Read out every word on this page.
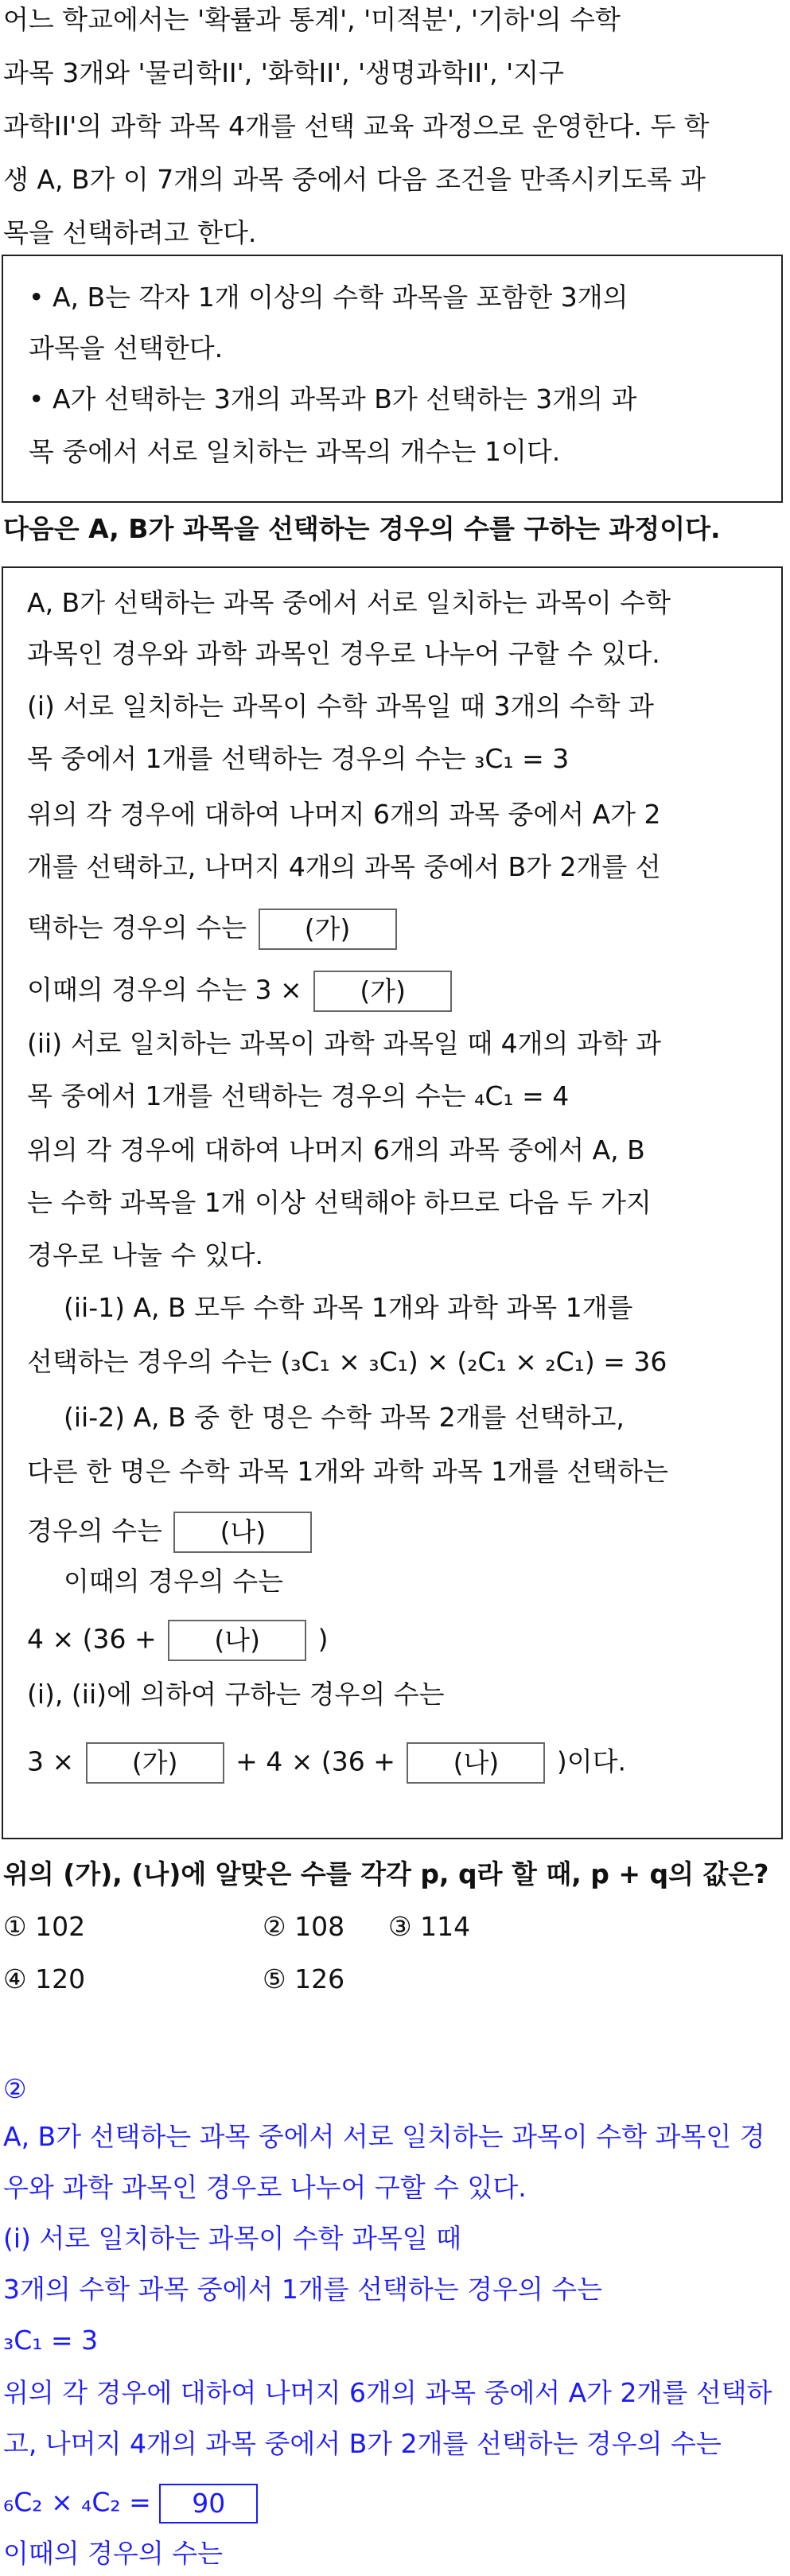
어느 학교에서는 '확률과 통계', '미적분', '기하'의 수학
과목 3개와 '물리학II', '화학II', '생명과학II', '지구
과학II'의 과학 과목 4개를 선택 교육 과정으로 운영한다. 두 학
생 A, B가 이 7개의 과목 중에서 다음 조건을 만족시키도록 과
목을 선택하려고 한다.
• A, B는 각자 1개 이상의 수학 과목을 포함한 3개의
과목을 선택한다.
• A가 선택하는 3개의 과목과 B가 선택하는 3개의 과
목 중에서 서로 일치하는 과목의 개수는 1이다.
다음은 A, B가 과목을 선택하는 경우의 수를 구하는 과정이다.
A, B가 선택하는 과목 중에서 서로 일치하는 과목이 수학
과목인 경우와 과학 과목인 경우로 나누어 구할 수 있다.
(i) 서로 일치하는 과목이 수학 과목일 때 3개의 수학 과
목 중에서 1개를 선택하는 경우의 수는 ₃C₁ = 3
위의 각 경우에 대하여 나머지 6개의 과목 중에서 A가 2
개를 선택하고, 나머지 4개의 과목 중에서 B가 2개를 선
택하는 경우의 수는 (가)
이때의 경우의 수는 3 × (가)
(ii) 서로 일치하는 과목이 과학 과목일 때 4개의 과학 과
목 중에서 1개를 선택하는 경우의 수는 ₄C₁ = 4
위의 각 경우에 대하여 나머지 6개의 과목 중에서 A, B
는 수학 과목을 1개 이상 선택해야 하므로 다음 두 가지
경우로 나눌 수 있다.
(ii-1) A, B 모두 수학 과목 1개와 과학 과목 1개를
선택하는 경우의 수는 (₃C₁ × ₃C₁) × (₂C₁ × ₂C₁) = 36
(ii-2) A, B 중 한 명은 수학 과목 2개를 선택하고,
다른 한 명은 수학 과목 1개와 과학 과목 1개를 선택하는
경우의 수는 (나)
이때의 경우의 수는
4 × (36 + (나) )
(i), (ii)에 의하여 구하는 경우의 수는
3 × (가) + 4 × (36 + (나) )이다.
위의 (가), (나)에 알맞은 수를 각각 p, q라 할 때, p + q의 값은?
① 102	② 108 ③ 114
④ 120	⑤ 126
②
A, B가 선택하는 과목 중에서 서로 일치하는 과목이 수학 과목인 경
우와 과학 과목인 경우로 나누어 구할 수 있다.
(i) 서로 일치하는 과목이 수학 과목일 때
3개의 수학 과목 중에서 1개를 선택하는 경우의 수는
₃C₁ = 3
위의 각 경우에 대하여 나머지 6개의 과목 중에서 A가 2개를 선택하
고, 나머지 4개의 과목 중에서 B가 2개를 선택하는 경우의 수는
₆C₂ × ₄C₂ = 90
이때의 경우의 수는
